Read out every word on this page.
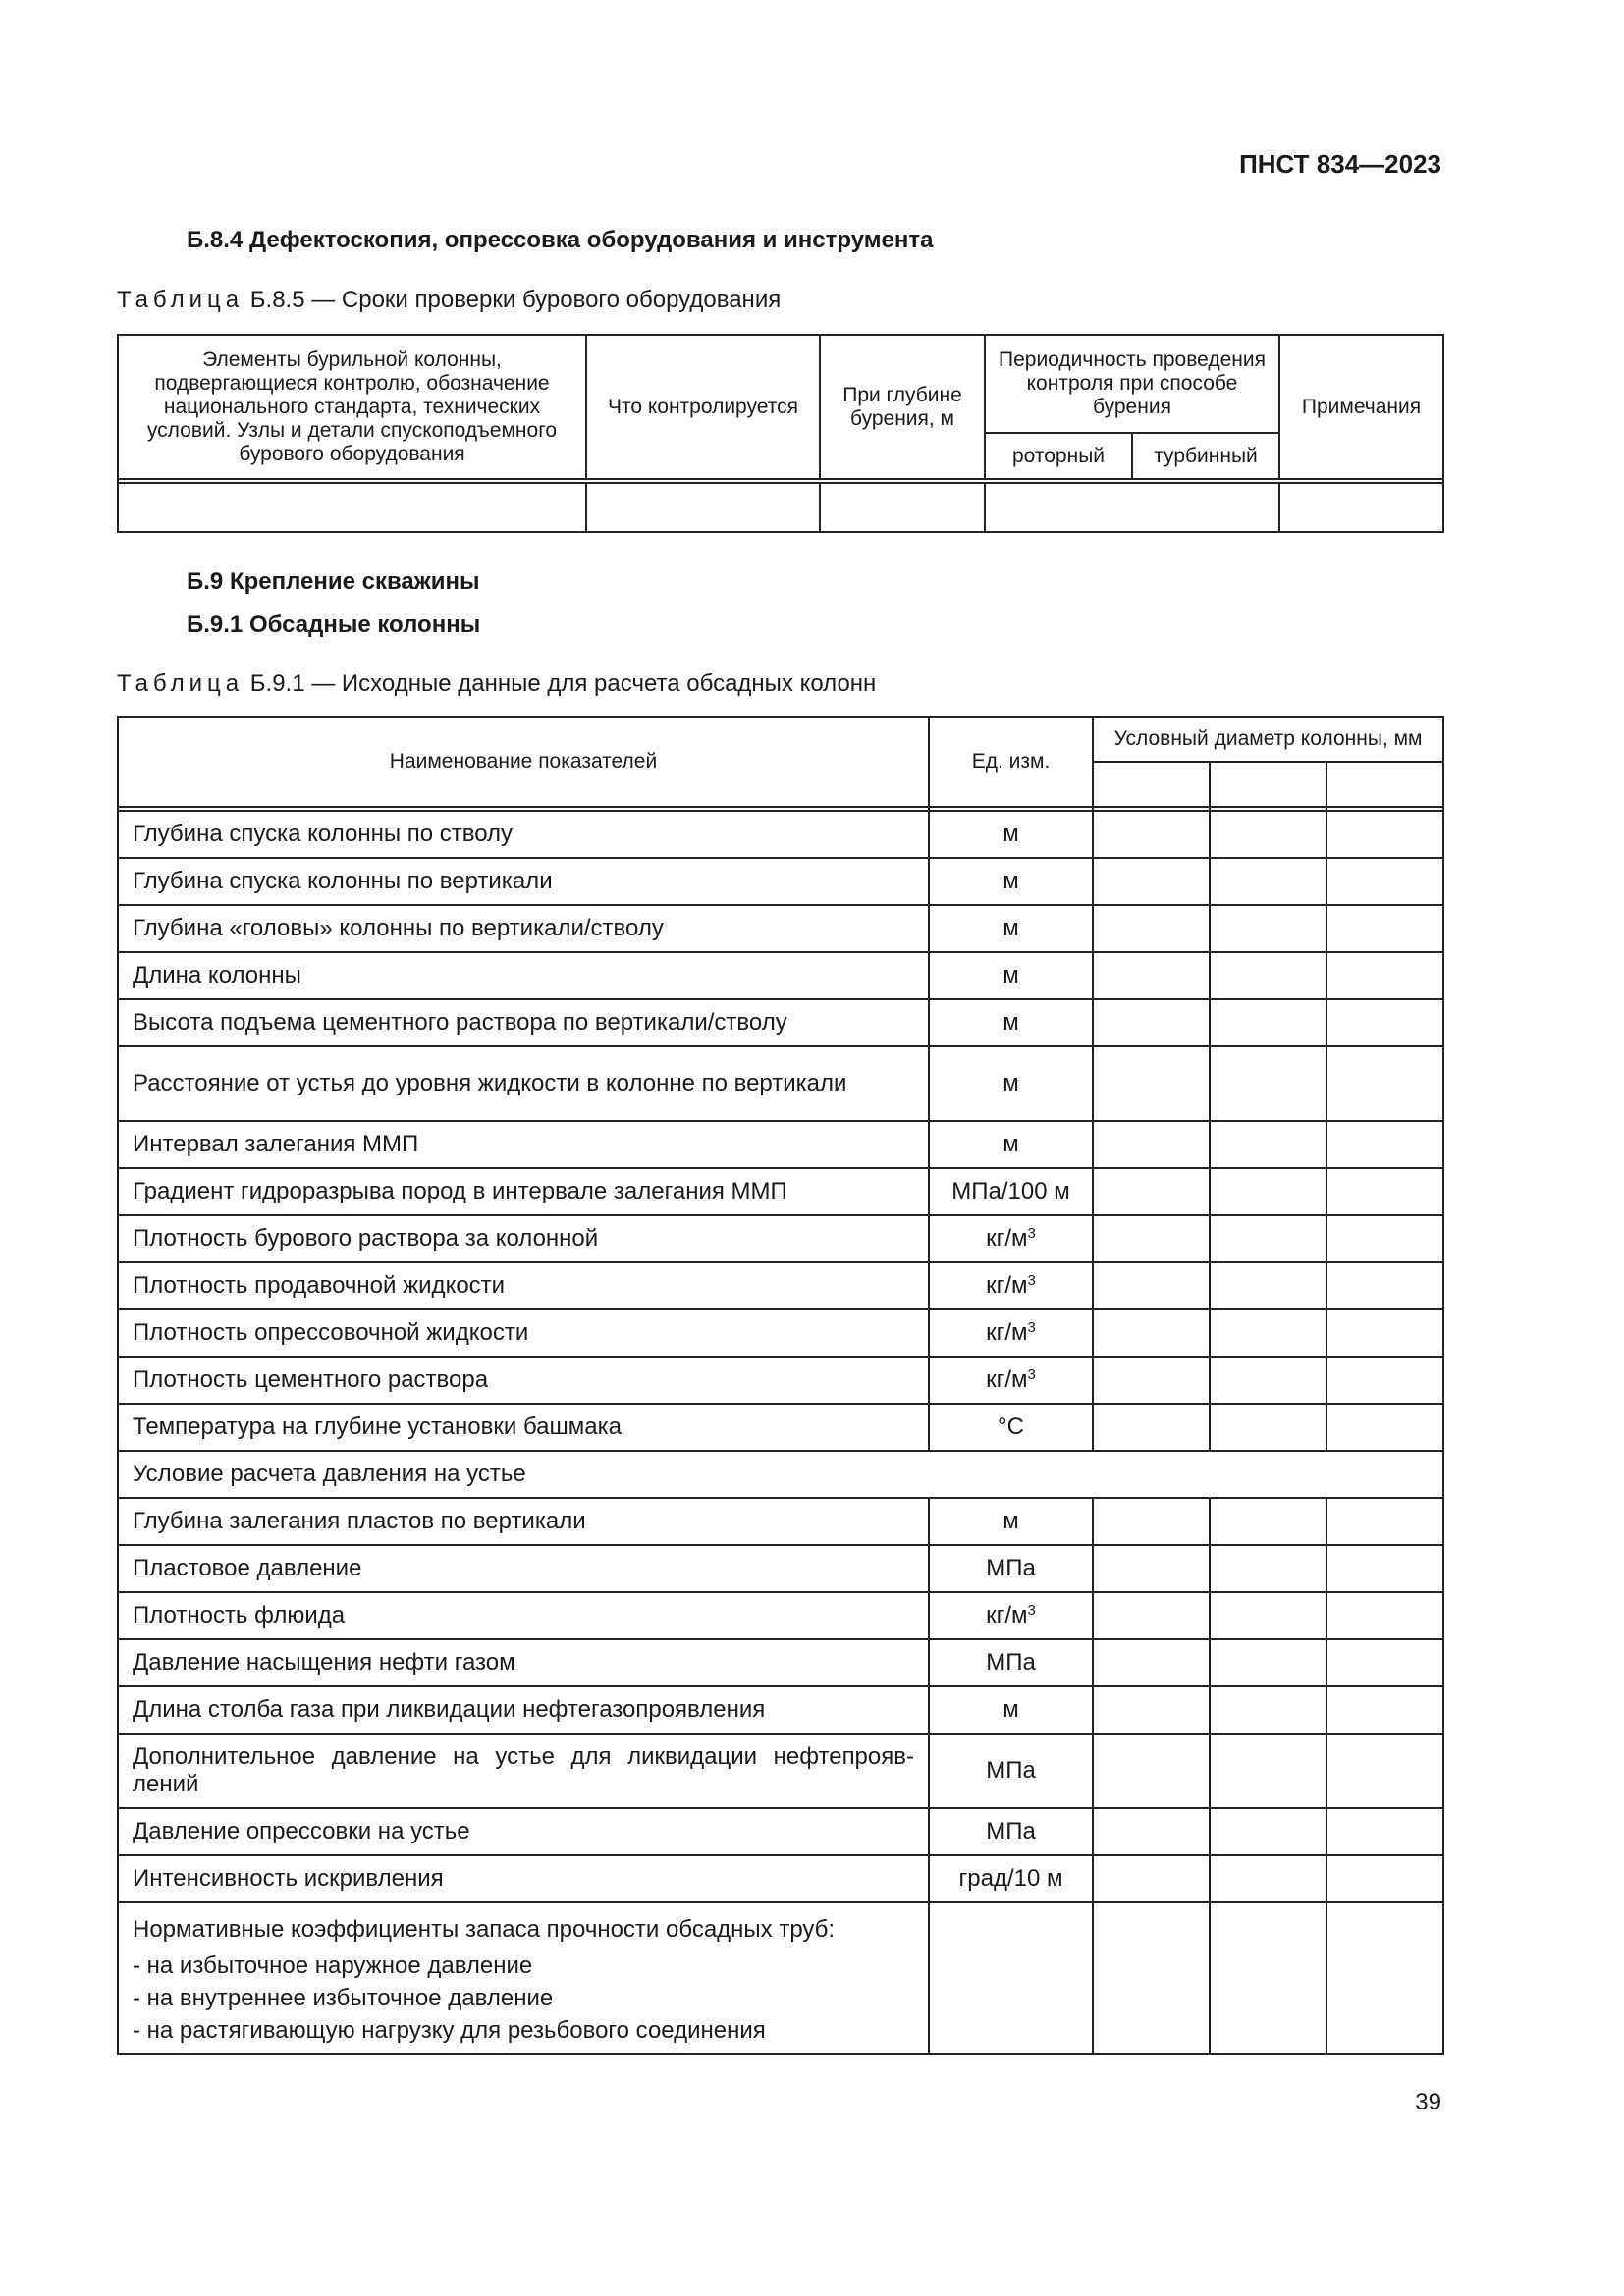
ПНСТ 834—2023
Б.8.4 Дефектоскопия, опрессовка оборудования и инструмента
Таблица Б.8.5 — Сроки проверки бурового оборудования
Элементы бурильной колонны, подвергающиеся контролю, обозначение национального стандарта, технических условий. Узлы и детали спускоподъемного бурового оборудования	Что контролируется	При глубине бурения, м	Периодичность проведения контроля при способе бурения		Примечания
			роторный	турбинный	

Б.9 Крепление скважины
Б.9.1 Обсадные колонны
Таблица Б.9.1 — Исходные данные для расчета обсадных колонн
Наименование показателей	Ед. изм.	Условный диаметр колонны, мм		

Глубина спуска колонны по стволу	м			
Глубина спуска колонны по вертикали	м			
Глубина «головы» колонны по вертикали/стволу	м			
Длина колонны	м			
Высота подъема цементного раствора по вертикали/стволу	м			
Расстояние от устья до уровня жидкости в колонне по вертикали	м			
Интервал залегания ММП	м			
Градиент гидроразрыва пород в интервале залегания ММП	МПа/100 м			
Плотность бурового раствора за колонной	$кг/м^3$			
Плотность продавочной жидкости	$кг/м^3$			
Плотность опрессовочной жидкости	$кг/м^3$			
Плотность цементного раствора	$кг/м^3$			
Температура на глубине установки башмака	°С			
Условие расчета давления на устье				
Глубина залегания пластов по вертикали	м			
Пластовое давление	МПа			
Плотность флюида	$кг/м^3$			
Давление насыщения нефти газом	МПа			
Длина столба газа при ликвидации нефтегазопроявления	м			
Дополнительное давление на устье для ликвидации нефтепрояв-лений	МПа			
Давление опрессовки на устье	МПа			
Интенсивность искривления	град/10 м			

Нормативные коэффициенты запаса прочности обсадных труб:
- на избыточное наружное давление
- на внутреннее избыточное давление
- на растягивающую нагрузку для резьбового соединения				

39
